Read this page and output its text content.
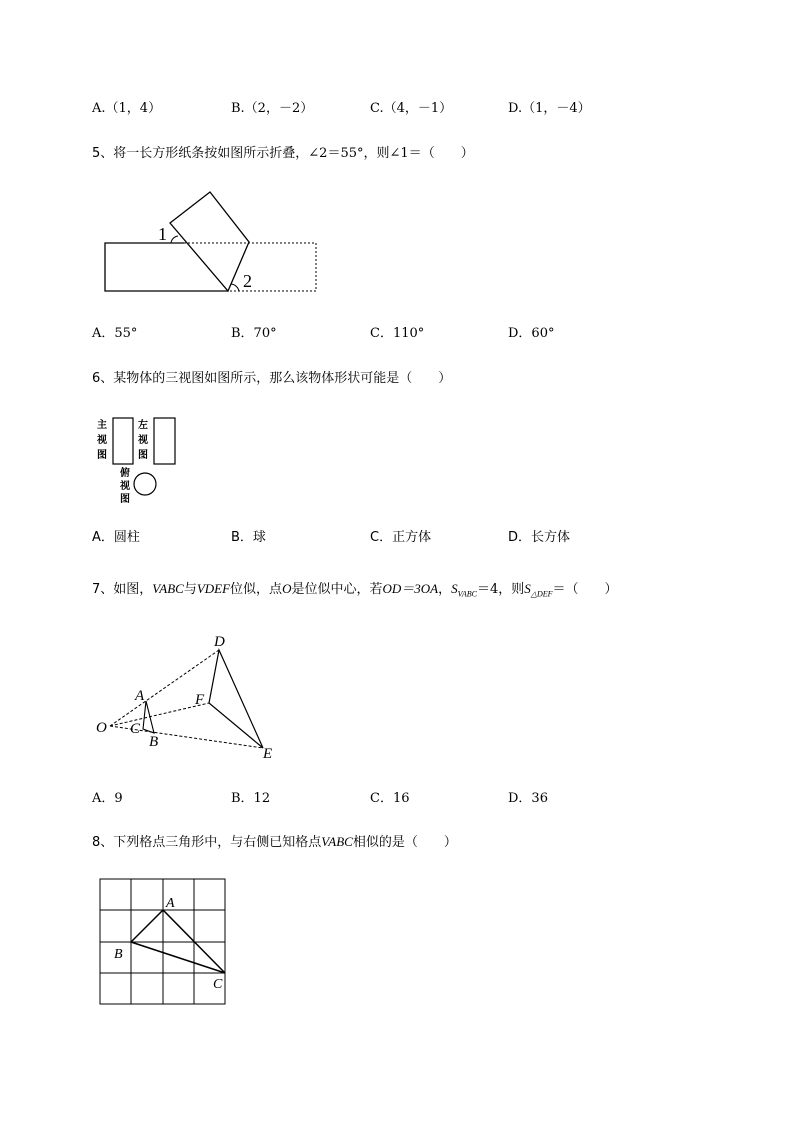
A.（1，4）	B.（2，－2）	C.（4，－1）	D.（1，－4）
5、将一长方形纸条按如图所示折叠，∠2＝55°，则∠1＝（　　）
1
2
A．55°	B．70°	C．110°	D．60°
6、某物体的三视图如图所示，那么该物体形状可能是（　　）
主
视
图
左
视
图
俯
视
图
A．圆柱	B．球	C．正方体	D．长方体
7、如图，VABC与VDEF位似，点O是位似中心，若OD＝3OA，$S_{VABC}=4$，则$S_{\triangle DEF}=$（　　）
O
A
C
B
D
F
E
A．9	B．12	C．16	D．36
8、下列格点三角形中，与右侧已知格点VABC相似的是（　　）
A
B
C
